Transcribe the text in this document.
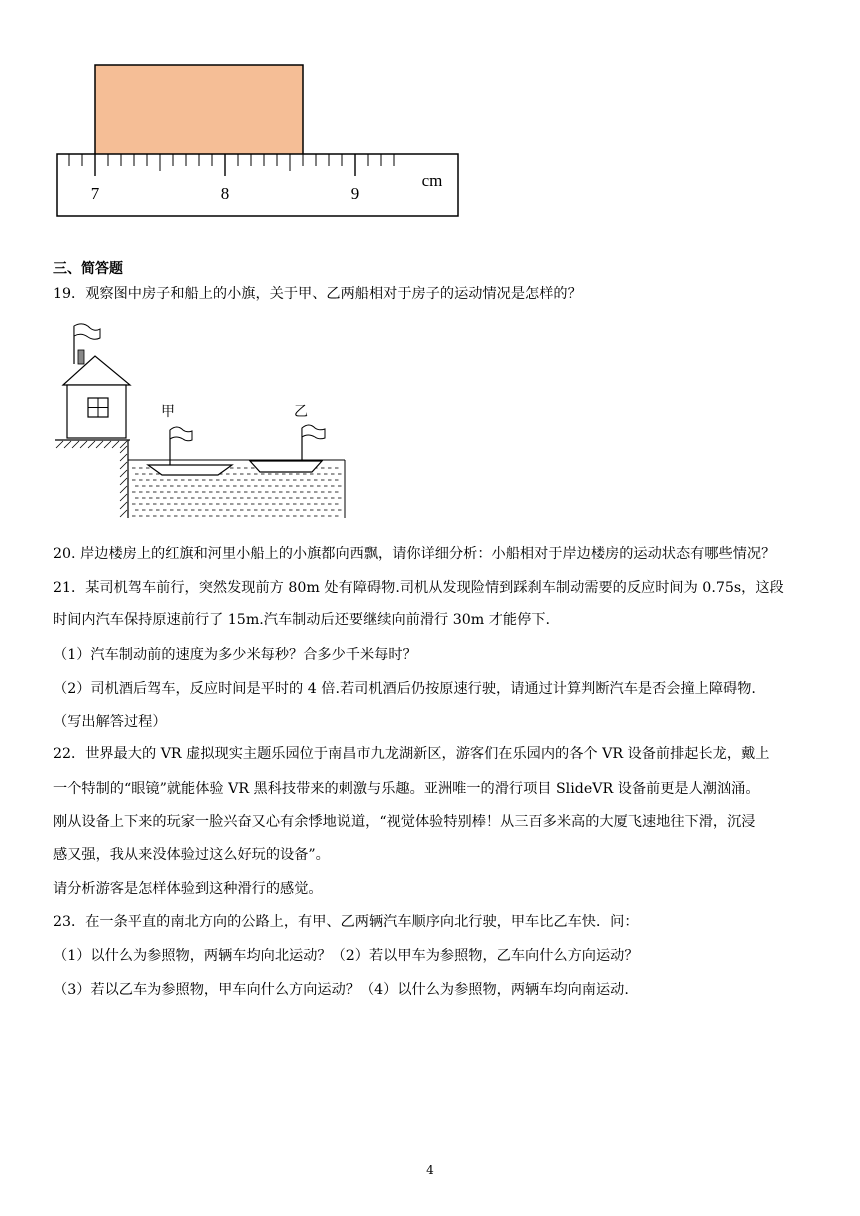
7	8	9
cm
三、简答题
19．观察图中房子和船上的小旗，关于甲、乙两船相对于房子的运动情况是怎样的？
甲	乙
20. 岸边楼房上的红旗和河里小船上的小旗都向西飘，请你详细分析：小船相对于岸边楼房的运动状态有哪些情况？
21．某司机驾车前行，突然发现前方 80m 处有障碍物.司机从发现险情到踩刹车制动需要的反应时间为 0.75s，这段
时间内汽车保持原速前行了 15m.汽车制动后还要继续向前滑行 30m 才能停下.
（1）汽车制动前的速度为多少米每秒？合多少千米每时？
（2）司机酒后驾车，反应时间是平时的 4 倍.若司机酒后仍按原速行驶，请通过计算判断汽车是否会撞上障碍物.
（写出解答过程）
22．世界最大的 VR 虚拟现实主题乐园位于南昌市九龙湖新区，游客们在乐园内的各个 VR 设备前排起长龙，戴上
一个特制的“眼镜”就能体验 VR 黑科技带来的刺激与乐趣。亚洲唯一的滑行项目 SlideVR 设备前更是人潮汹涌。
刚从设备上下来的玩家一脸兴奋又心有余悸地说道，“视觉体验特别棒！从三百多米高的大厦飞速地往下滑，沉浸
感又强，我从来没体验过这么好玩的设备”。
请分析游客是怎样体验到这种滑行的感觉。
23．在一条平直的南北方向的公路上，有甲、乙两辆汽车顺序向北行驶，甲车比乙车快．问：
（1）以什么为参照物，两辆车均向北运动？（2）若以甲车为参照物，乙车向什么方向运动？
（3）若以乙车为参照物，甲车向什么方向运动？（4）以什么为参照物，两辆车均向南运动.
4
